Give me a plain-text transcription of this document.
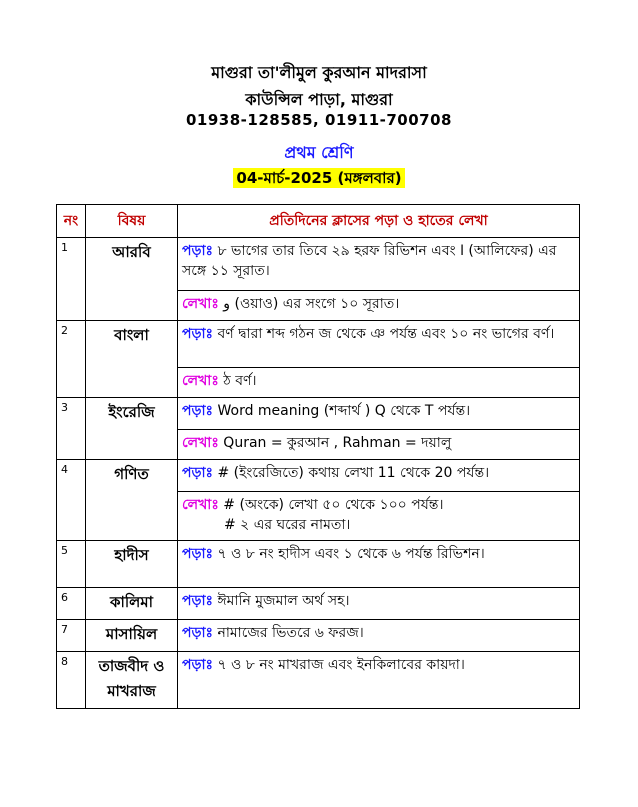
মাগুরা তা'লীমুল কুরআন মাদরাসা
কাউন্সিল পাড়া, মাগুরা
01938-128585, 01911-700708
প্রথম শ্রেণি
04-মার্চ-2025 (মঙ্গলবার)
নং	বিষয়	প্রতিদিনের ক্লাসের পড়া ও হাতের লেখা
1	আরবি	পড়াঃ ৮ ভাগের তার তিবে ২৯ হরফ রিভিশন এবং ا (আলিফের) এর সঙ্গে ১১ সূরাত।
		লেখাঃ و (ওয়াও) এর সংগে ১০ সূরাত।
2	বাংলা	পড়াঃ বর্ণ দ্বারা শব্দ গঠন জ থেকে ঞ পর্যন্ত এবং ১০ নং ভাগের বর্ণ।
		লেখাঃ ঠ বর্ণ।
3	ইংরেজি	পড়াঃ Word meaning (শব্দার্থ ) Q থেকে T পর্যন্ত।
		লেখাঃ Quran = কুরআন , Rahman = দয়ালু
4	গণিত	পড়াঃ # (ইংরেজিতে) কথায় লেখা 11 থেকে 20 পর্যন্ত।
		লেখাঃ # (অংকে) লেখা ৫০ থেকে ১০০ পর্যন্ত।
# ২ এর ঘরের নামতা।

5	হাদীস	পড়াঃ ৭ ও ৮ নং হাদীস এবং ১ থেকে ৬ পর্যন্ত রিভিশন।
6	কালিমা	পড়াঃ ঈমানি মুজমাল অর্থ সহ।
7	মাসায়িল	পড়াঃ নামাজের ভিতরে ৬ ফরজ।
8	তাজবীদ ও মাখরাজ	পড়াঃ ৭ ও ৮ নং মাখরাজ এবং ইনকিলাবের কায়দা।
